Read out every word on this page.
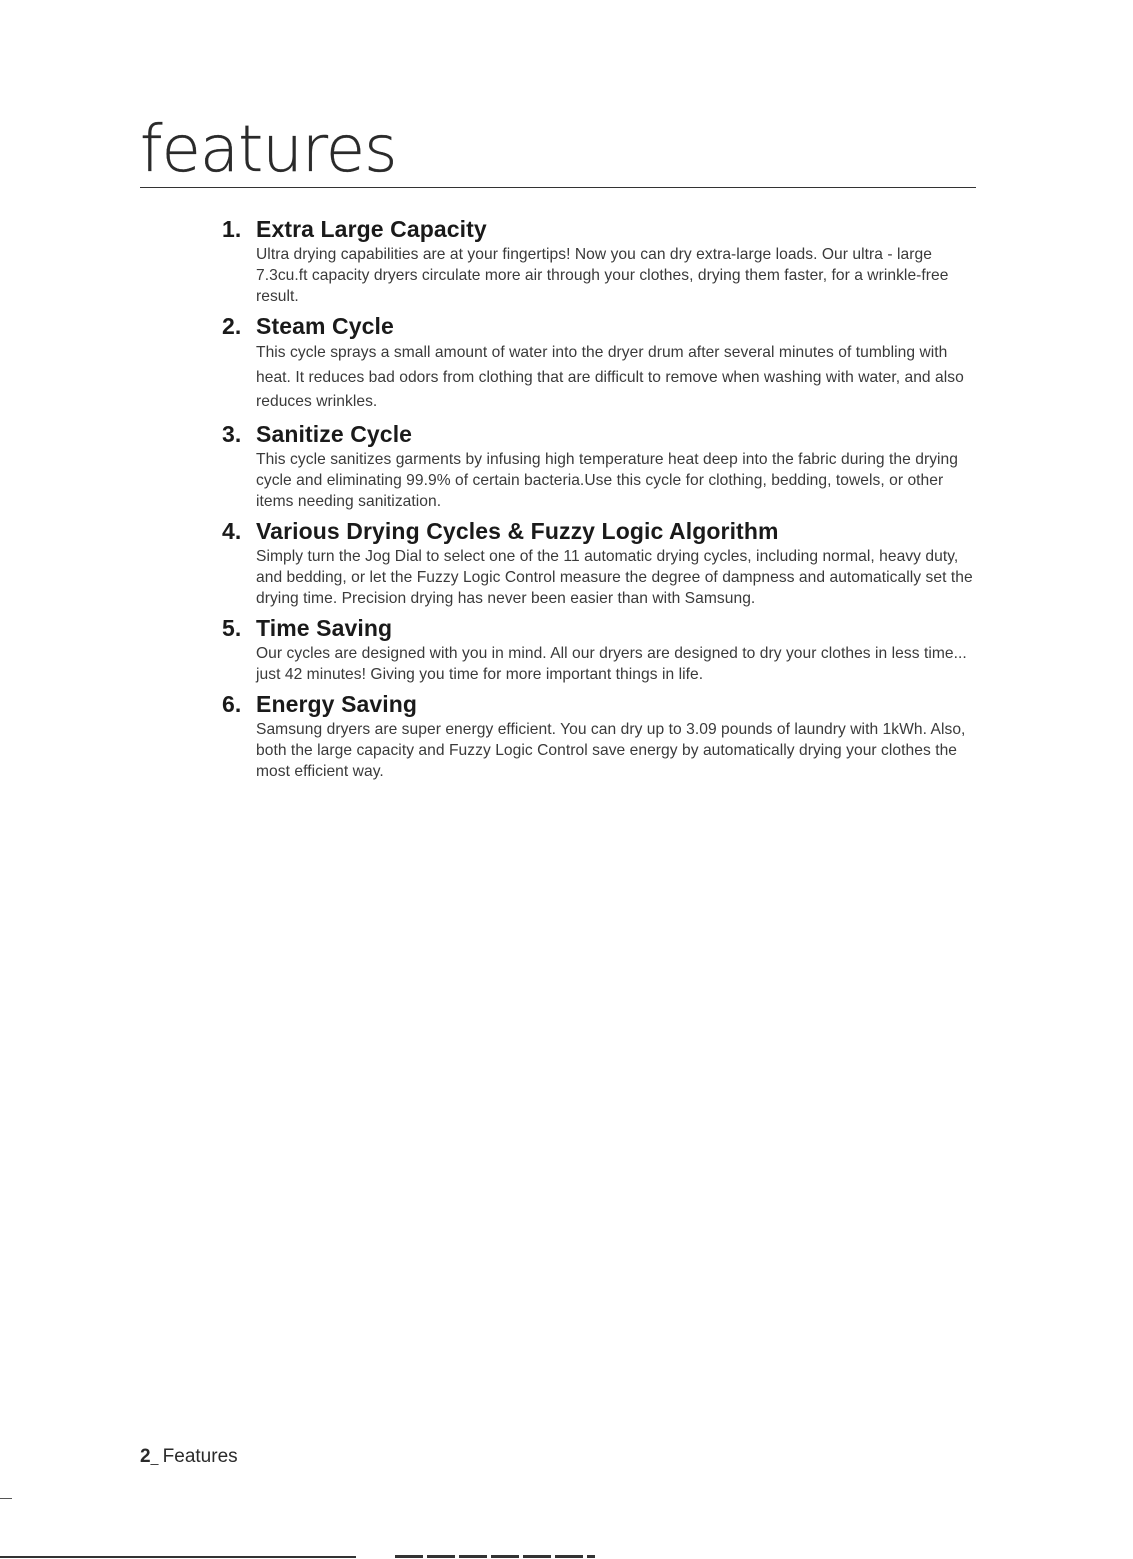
features
1. Extra Large Capacity

Ultra drying capabilities are at your fingertips! Now you can dry extra-large loads. Our ultra - large 7.3cu.ft capacity dryers circulate more air through your clothes, drying them faster, for a wrinkle-free result.

2. Steam Cycle

This cycle sprays a small amount of water into the dryer drum after several minutes of tumbling with heat. It reduces bad odors from clothing that are difficult to remove when washing with water, and also reduces wrinkles.

3. Sanitize Cycle

This cycle sanitizes garments by infusing high temperature heat deep into the fabric during the drying cycle and eliminating 99.9% of certain bacteria.Use this cycle for clothing, bedding, towels, or other items needing sanitization.

4. Various Drying Cycles & Fuzzy Logic Algorithm

Simply turn the Jog Dial to select one of the 11 automatic drying cycles, including normal, heavy duty, and bedding, or let the Fuzzy Logic Control measure the degree of dampness and automatically set the drying time. Precision drying has never been easier than with Samsung.

5. Time Saving

Our cycles are designed with you in mind. All our dryers are designed to dry your clothes in less time... just 42 minutes! Giving you time for more important things in life.

6. Energy Saving

Samsung dryers are super energy efficient. You can dry up to 3.09 pounds of laundry with 1kWh. Also, both the large capacity and Fuzzy Logic Control save energy by automatically drying your clothes the most efficient way.

2_ Features
